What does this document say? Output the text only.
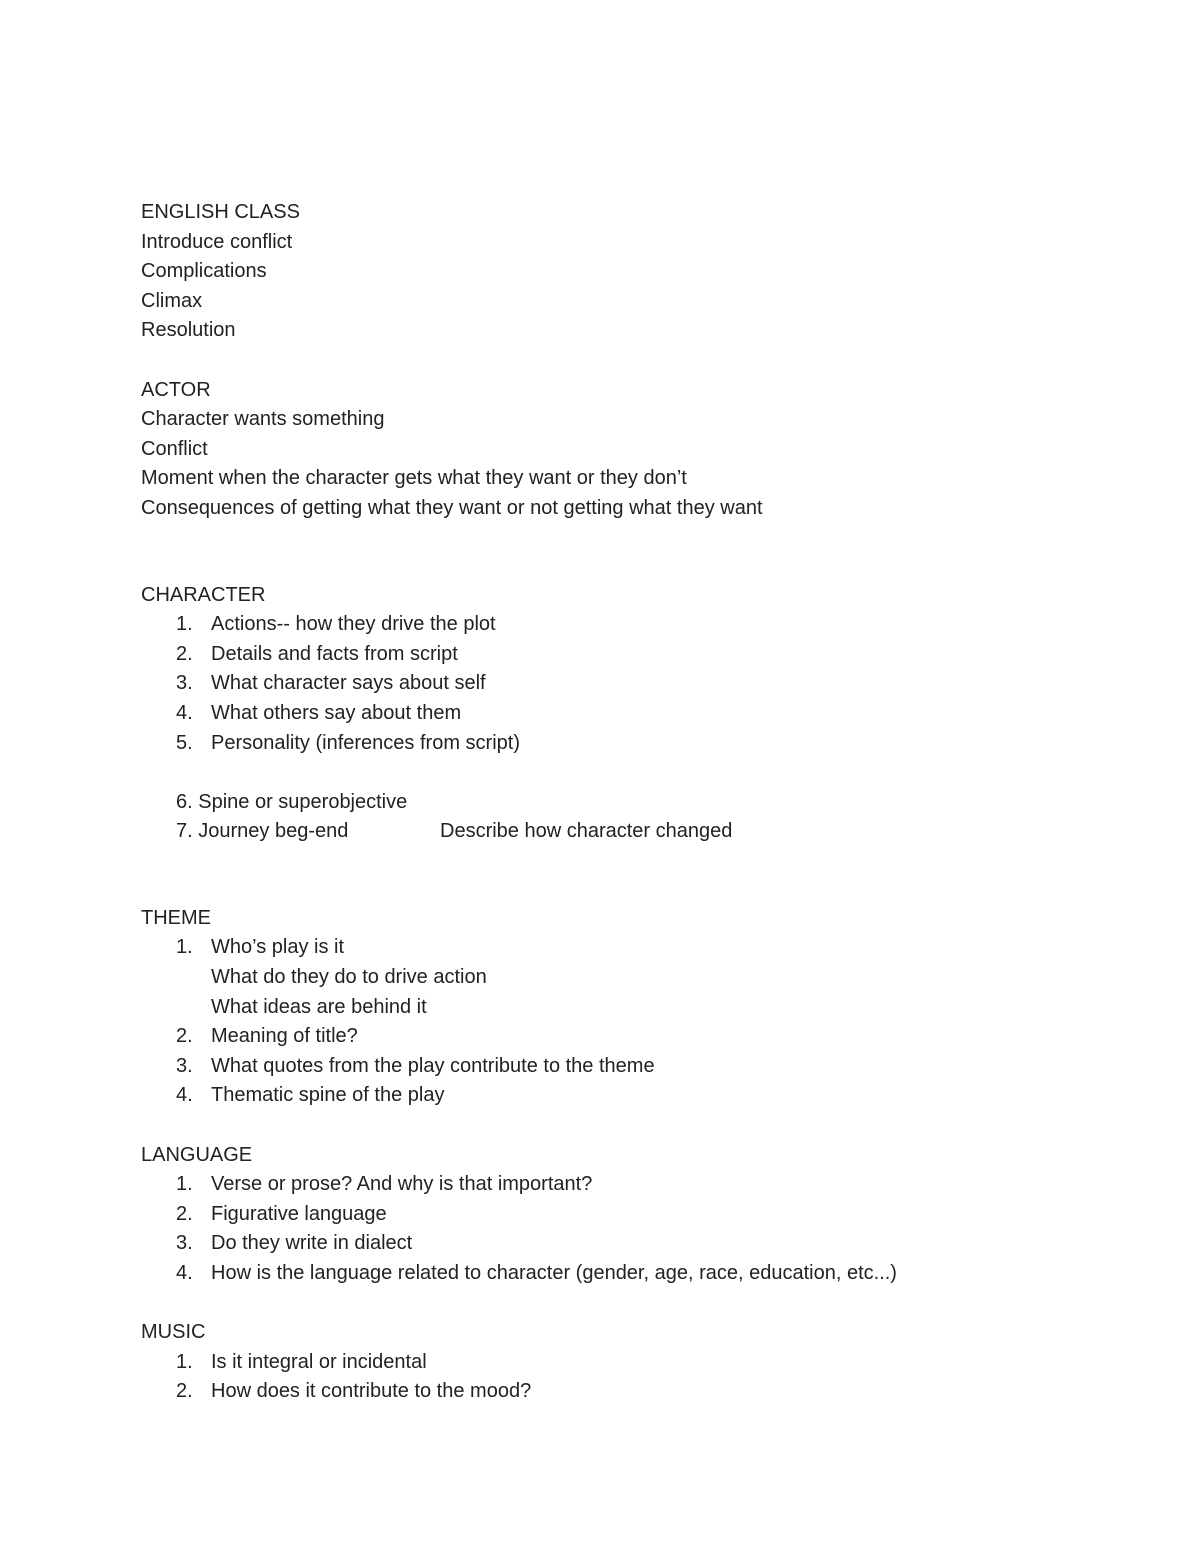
ENGLISH CLASS
Introduce conflict
Complications
Climax
Resolution
ACTOR
Character wants something
Conflict
Moment when the character gets what they want or they don’t
Consequences of getting what they want or not getting what they want
CHARACTER

1.

Actions-- how they drive the plot

2.

Details and facts from script

3.

What character says about self

4.

What others say about them

5.

Personality (inferences from script)

6. Spine or superobjective

7. Journey beg-end

	Describe how character changed

THEME

1.

Who’s play is it

What do they do to drive action

What ideas are behind it

2.

Meaning of title?

3.

What quotes from the play contribute to the theme

4.

Thematic spine of the play

LANGUAGE

1.

Verse or prose? And why is that important?

2.

Figurative language

3.

Do they write in dialect

4.

How is the language related to character (gender, age, race, education, etc...)

MUSIC

1.

Is it integral or incidental

2.

How does it contribute to the mood?
